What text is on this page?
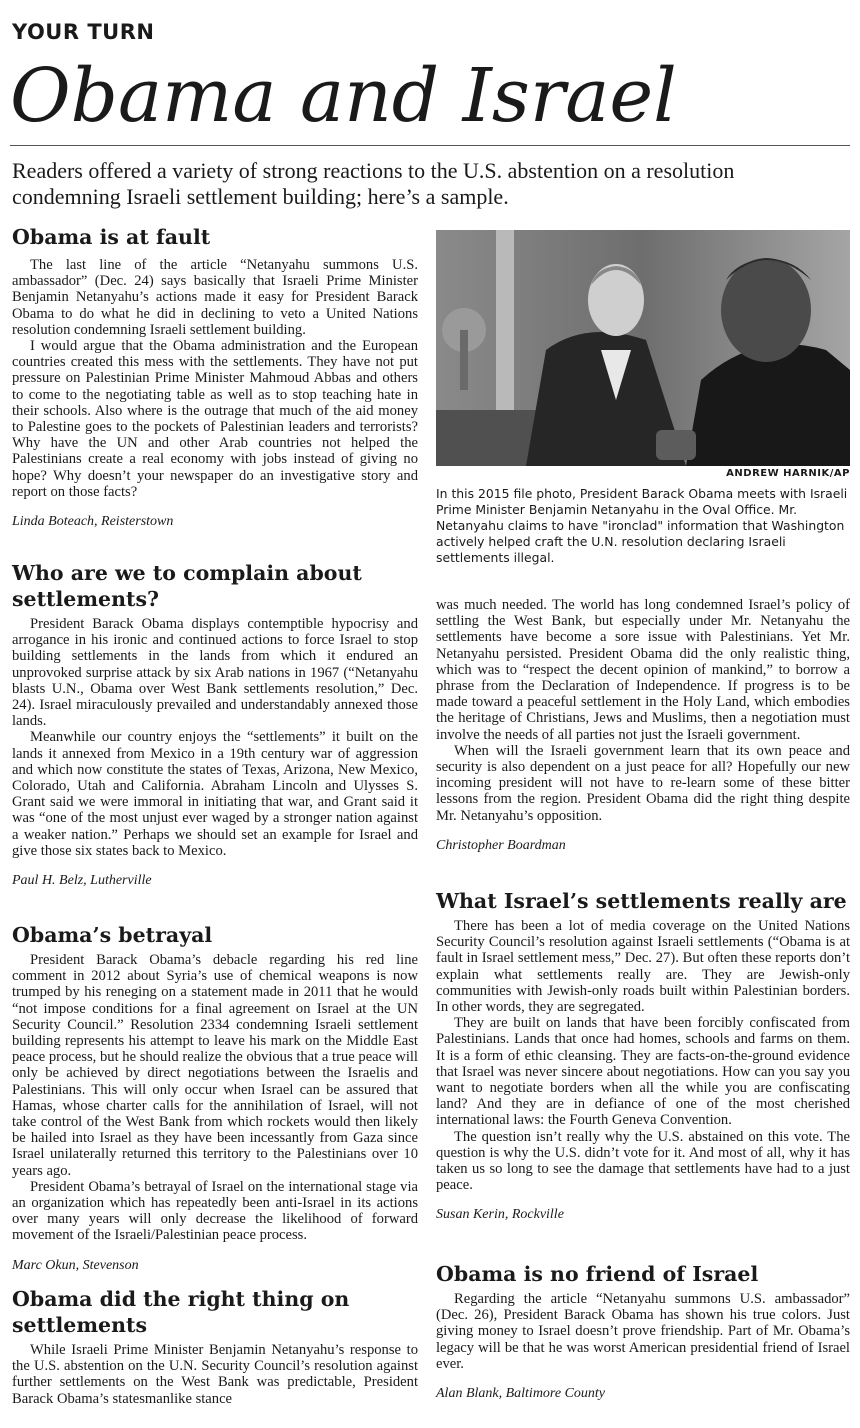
YOUR TURN
Obama and Israel
Readers offered a variety of strong reactions to the U.S. abstention on a resolution condemning Israeli settlement building; here’s a sample.
Obama is at fault

The last line of the article “Netanyahu summons U.S. ambassador” (Dec. 24) says basically that Israeli Prime Minister Benjamin Netanyahu’s actions made it easy for President Barack Obama to do what he did in declining to veto a United Nations resolution condemning Israeli settlement building.

I would argue that the Obama administration and the European countries created this mess with the settlements. They have not put pressure on Palestinian Prime Minister Mahmoud Abbas and others to come to the negotiating table as well as to stop teaching hate in their schools. Also where is the outrage that much of the aid money to Palestine goes to the pockets of Palestinian leaders and terrorists? Why have the UN and other Arab countries not helped the Palestinians create a real economy with jobs instead of giving no hope? Why doesn’t your newspaper do an investigative story and report on those facts?

Linda Boteach, Reisterstown

Who are we to complain about settlements?

President Barack Obama displays contemptible hypocrisy and arrogance in his ironic and continued actions to force Israel to stop building settlements in the lands from which it endured an unprovoked surprise attack by six Arab nations in 1967 (“Netanyahu blasts U.N., Obama over West Bank settlements resolution,” Dec. 24). Israel miraculously prevailed and understandably annexed those lands.

Meanwhile our country enjoys the “settlements” it built on the lands it annexed from Mexico in a 19th century war of aggression and which now constitute the states of Texas, Arizona, New Mexico, Colorado, Utah and California. Abraham Lincoln and Ulysses S. Grant said we were immoral in initiating that war, and Grant said it was “one of the most unjust ever waged by a stronger nation against a weaker nation.” Perhaps we should set an example for Israel and give those six states back to Mexico.

Paul H. Belz, Lutherville

Obama’s betrayal

President Barack Obama’s debacle regarding his red line comment in 2012 about Syria’s use of chemical weapons is now trumped by his reneging on a statement made in 2011 that he would “not impose conditions for a final agreement on Israel at the UN Security Council.” Resolution 2334 condemning Israeli settlement building represents his attempt to leave his mark on the Middle East peace process, but he should realize the obvious that a true peace will only be achieved by direct negotiations between the Israelis and Palestinians. This will only occur when Israel can be assured that Hamas, whose charter calls for the annihilation of Israel, will not take control of the West Bank from which rockets would then likely be hailed into Israel as they have been incessantly from Gaza since Israel unilaterally returned this territory to the Palestinians over 10 years ago.

President Obama’s betrayal of Israel on the international stage via an organization which has repeatedly been anti-Israel in its actions over many years will only decrease the likelihood of forward movement of the Israeli/Palestinian peace process.

Marc Okun, Stevenson

Obama did the right thing on settlements

While Israeli Prime Minister Benjamin Netanyahu’s response to the U.S. abstention on the U.N. Security Council’s resolution against further settlements on the West Bank was predictable, President Barack Obama’s statesmanlike stance

ANDREW HARNIK/AP
In this 2015 file photo, President Barack Obama meets with Israeli Prime Minister Benjamin Netanyahu in the Oval Office. Mr. Netanyahu claims to have "ironclad" information that Washington actively helped craft the U.N. resolution declaring Israeli settlements illegal.

was much needed. The world has long condemned Israel’s policy of settling the West Bank, but especially under Mr. Netanyahu the settlements have become a sore issue with Palestinians. Yet Mr. Netanyahu persisted. President Obama did the only realistic thing, which was to “respect the decent opinion of mankind,” to borrow a phrase from the Declaration of Independence. If progress is to be made toward a peaceful settlement in the Holy Land, which embodies the heritage of Christians, Jews and Muslims, then a negotiation must involve the needs of all parties not just the Israeli government.

When will the Israeli government learn that its own peace and security is also dependent on a just peace for all? Hopefully our new incoming president will not have to re-learn some of these bitter lessons from the region. President Obama did the right thing despite Mr. Netanyahu’s opposition.

Christopher Boardman

What Israel’s settlements really are

There has been a lot of media coverage on the United Nations Security Council’s resolution against Israeli settlements (“Obama is at fault in Israel settlement mess,” Dec. 27). But often these reports don’t explain what settlements really are. They are Jewish-only communities with Jewish-only roads built within Palestinian borders. In other words, they are segregated.

They are built on lands that have been forcibly confiscated from Palestinians. Lands that once had homes, schools and farms on them. It is a form of ethic cleansing. They are facts-on-the-ground evidence that Israel was never sincere about negotiations. How can you say you want to negotiate borders when all the while you are confiscating land? And they are in defiance of one of the most cherished international laws: the Fourth Geneva Convention.

The question isn’t really why the U.S. abstained on this vote. The question is why the U.S. didn’t vote for it. And most of all, why it has taken us so long to see the damage that settlements have had to a just peace.

Susan Kerin, Rockville

Obama is no friend of Israel

Regarding the article “Netanyahu summons U.S. ambassador” (Dec. 26), President Barack Obama has shown his true colors. Just giving money to Israel doesn’t prove friendship. Part of Mr. Obama’s legacy will be that he was worst American presidential friend of Israel ever.

Alan Blank, Baltimore County
